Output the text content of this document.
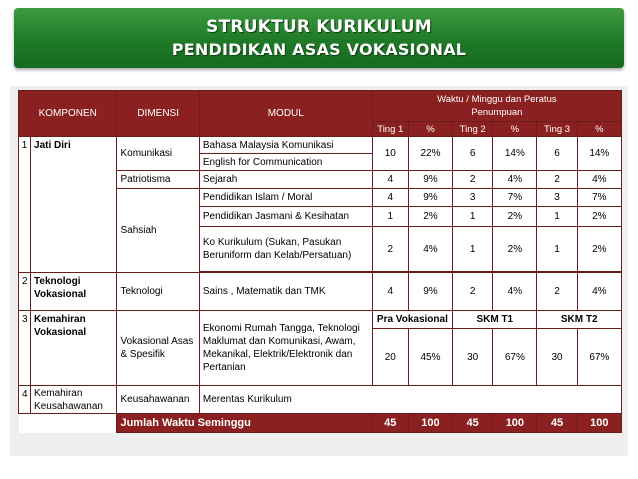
STRUKTUR KURIKULUM
PENDIDIKAN ASAS VOKASIONAL
KOMPONEN		DIMENSI	MODUL	Waktu / Minggu dan Peratus Penumpuan					
				Ting 1	%	Ting 2	%	Ting 3	%
1	Jati Diri	Komunikasi	Bahasa Malaysia Komunikasi	10	22%	6	14%	6	14%
			English for Communication						
		Patriotisma	Sejarah	4	9%	2	4%	2	4%
		Sahsiah	Pendidikan Islam / Moral	4	9%	3	7%	3	7%
			Pendidikan Jasmani & Kesihatan	1	2%	1	2%	1	2%
			Ko Kurikulum (Sukan, Pasukan Beruniform dan Kelab/Persatuan)	2	4%	1	2%	1	2%

2	Teknologi Vokasional	Teknologi	Sains , Matematik dan TMK	4	9%	2	4%	2	4%
3	Kemahiran Vokasional	Vokasional Asas & Spesifik	Ekonomi Rumah Tangga, Teknologi Maklumat dan Komunikasi, Awam, Mekanikal, Elektrik/Elektronik dan Pertanian	Pra Vokasional		SKM T1		SKM T2	
				20	45%	30	67%	30	67%
4	Kemahiran Keusahawanan	Keusahawanan	Merentas Kurikulum						
		Jumlah Waktu Seminggu		45	100	45	100	45	100
